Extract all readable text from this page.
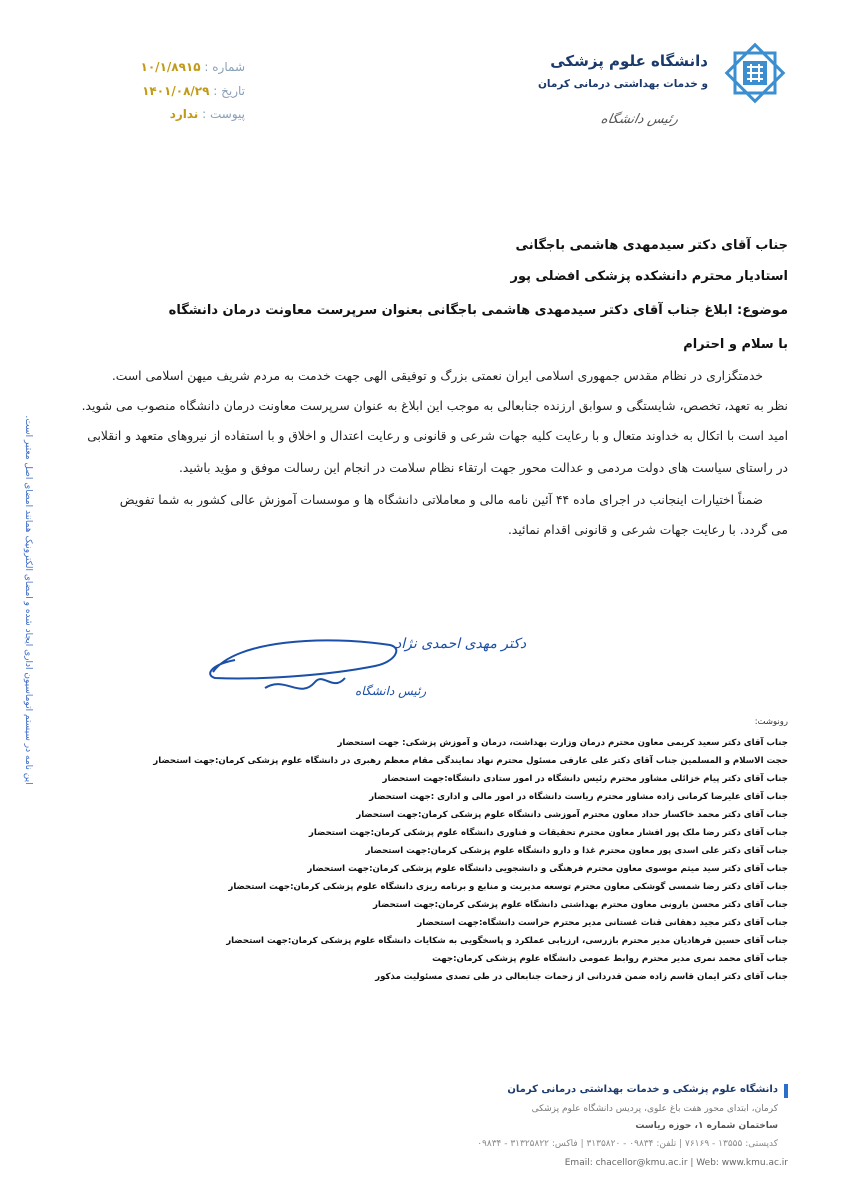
دانشگاه علوم پزشکی
و خدمات بهداشتی درمانی کرمان
رئیس دانشگاه
شماره : ۱۰/۱/۸۹۱۵
تاریخ : ۱۴۰۱/۰۸/۲۹
پیوست : ندارد
جناب آقای دکتر سیدمهدی هاشمی باجگانی
استادیار محترم دانشکده پزشکی افضلی پور
موضوع: ابلاغ جناب آقای دکتر سیدمهدی هاشمی باجگانی بعنوان سرپرست معاونت درمان دانشگاه
با سلام و احترام
خدمتگزاری در نظام مقدس جمهوری اسلامی ایران نعمتی بزرگ و توفیقی الهی جهت خدمت به مردم شریف میهن اسلامی است.
نظر به تعهد، تخصص، شایستگی و سوابق ارزنده جنابعالی به موجب این ابلاغ به عنوان سرپرست معاونت درمان دانشگاه منصوب می شوید.
امید است با اتکال به خداوند متعال و با رعایت کلیه جهات شرعی و قانونی و رعایت اعتدال و اخلاق و با استفاده از نیروهای متعهد و انقلابی
در راستای سیاست های دولت مردمی و عدالت محور جهت ارتقاء نظام سلامت در انجام این رسالت موفق و مؤید باشید.
ضمناً اختیارات اینجانب در اجرای ماده ۴۴ آئین نامه مالی و معاملاتی دانشگاه ها و موسسات آموزش عالی کشور به شما تفویض
می گردد. با رعایت جهات شرعی و قانونی اقدام نمائید.
این نامه در سیستم اتوماسیون اداری ایجاد شده و امضای الکترونیک همانند امضای اصل معتبر است.	دکتر مهدی احمدی نژاد
رئیس دانشگاه
رونوشت:
جناب آقای دکتر سعید کریمی معاون محترم درمان وزارت بهداشت، درمان و آموزش پزشکی: جهت استحضار
حجت الاسلام و المسلمین جناب آقای دکتر علی عارفی مسئول محترم نهاد نمایندگی مقام معظم رهبری در دانشگاه علوم پزشکی کرمان:جهت استحضار
جناب آقای دکتر پیام خزائلی مشاور محترم رئیس دانشگاه در امور ستادی دانشگاه:جهت استحضار
جناب آقای علیرضا کرمانی زاده مشاور محترم ریاست دانشگاه در امور مالی و اداری :جهت استحضار
جناب آقای دکتر محمد خاکسار حداد معاون محترم آموزشی دانشگاه علوم پزشکی کرمان:جهت استحضار
جناب آقای دکتر رضا ملک پور افشار معاون محترم تحقیقات و فناوری دانشگاه علوم پزشکی کرمان:جهت استحضار
جناب آقای دکتر علی اسدی پور معاون محترم غذا و دارو دانشگاه علوم پزشکی کرمان:جهت استحضار
جناب آقای دکتر سید میثم موسوی معاون محترم فرهنگی و دانشجویی دانشگاه علوم پزشکی کرمان:جهت استحضار
جناب آقای دکتر رضا شمسی گوشکی معاون محترم توسعه مدیریت و منابع و برنامه ریزی دانشگاه علوم پزشکی کرمان:جهت استحضار
جناب آقای دکتر محسن بارونی معاون محترم بهداشتی دانشگاه علوم پزشکی کرمان:جهت استحضار
جناب آقای دکتر مجید دهقانی قنات غستانی مدیر محترم حراست دانشگاه:جهت استحضار
جناب آقای حسین فرهادیان مدیر محترم بازرسی، ارزیابی عملکرد و پاسخگویی به شکایات دانشگاه علوم پزشکی کرمان:جهت استحضار
جناب آقای محمد نمری مدیر محترم روابط عمومی دانشگاه علوم پزشکی کرمان:جهت
جناب آقای دکتر ایمان قاسم زاده ضمن قدردانی از زحمات جنابعالی در طی تصدی مسئولیت مذکور
دانشگاه علوم پزشکی و خدمات بهداشتی درمانی کرمان
کرمان، ابتدای محور هفت باغ علوی، پردیس دانشگاه علوم پزشکی
ساختمان شماره ۱، حوزه ریاست
کدپستی: ۱۳۵۵۵ - ۷۶۱۶۹ | تلفن: ۰۹۸۳۴ - ۳۱۳۵۸۲۰ | فاکس: ۳۱۳۲۵۸۲۲ - ۰۹۸۳۴
Email: chacellor@kmu.ac.ir | Web: www.kmu.ac.ir
